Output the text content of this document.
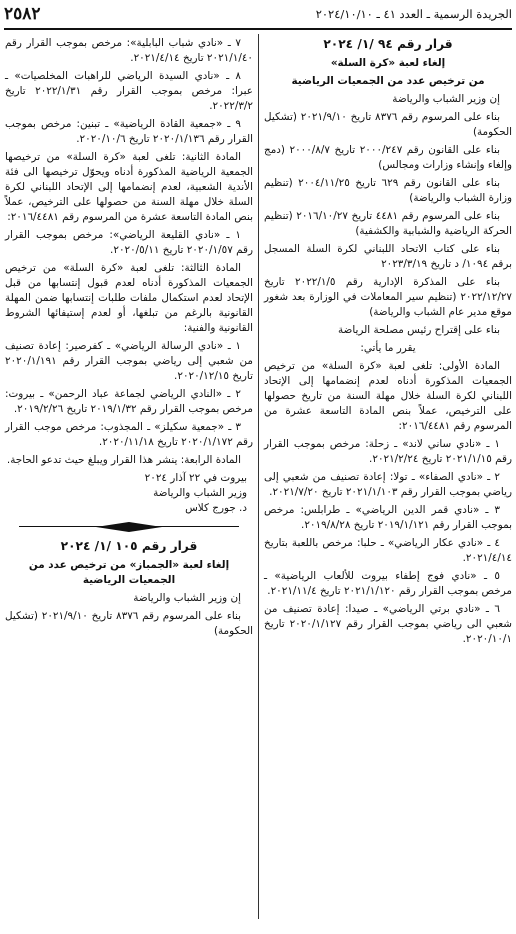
٢٥٨٢	الجريدة الرسمية ـ العدد ٤١ ـ ٢٠٢٤/١٠/١٠

قرار رقم ٩٤ /١/ ٢٠٢٤

إلغاء لعبة «كرة السلة»

من ترخيص عدد من الجمعيات الرياضية

إن وزير الشباب والرياضة

بناء على المرسوم رقم ٨٣٧٦ تاريخ ٢٠٢١/٩/١٠ (تشكيل الحكومة)

بناء على القانون رقم ٢٠٠٠/٢٤٧ تاريخ ٢٠٠٠/٨/٧ (دمج وإلغاء وإنشاء وزارات ومجالس)

بناء على القانون رقم ٦٢٩ تاريخ ٢٠٠٤/١١/٢٥ (تنظيم وزارة الشباب والرياضة)

بناء على المرسوم رقم ٤٤٨١ تاريخ ٢٠١٦/١٠/٢٧ (تنظيم الحركة الرياضية والشبابية والكشفية)

بناء على كتاب الاتحاد اللبناني لكرة السلة المسجل برقم ١٠٩٤/ د تاريخ ٢٠٢٣/٣/١٩

بناء على المذكرة الإدارية رقم ٢٠٢٢/١/٥ تاريخ ٢٠٢٢/١٢/٢٧ (تنظيم سير المعاملات في الوزارة بعد شغور موقع مدير عام الشباب والرياضة)

بناء على إقتراح رئيس مصلحة الرياضة

يقرر ما يأتي:

المادة الأولى: تلغى لعبة «كرة السلة» من ترخيص الجمعيات المذكورة أدناه لعدم إنضمامها إلى الإتحاد اللبناني لكرة السلة خلال مهلة السنة من تاريخ حصولها على الترخيص، عملاً بنص المادة التاسعة عشرة من المرسوم رقم ٢٠١٦/٤٤٨١:

١ ـ «نادي ساني لاند» ـ زحلة: مرخص بموجب القرار رقم ٢٠٢١/١/١٥ تاريخ ٢٠٢١/٢/٢٤.

٢ ـ «نادي الصفاء» ـ تولا: إعادة تصنيف من شعبي إلى رياضي بموجب القرار رقم ٢٠٢١/١/١٠٣ تاريخ ٢٠٢١/٧/٢٠.

٣ ـ «نادي قمر الدين الرياضي» ـ طرابلس: مرخص بموجب القرار رقم ٢٠١٩/١/١٢١ تاريخ ٢٠١٩/٨/٢٨.

٤ ـ «نادي عكار الرياضي» ـ حلبا: مرخص باللعبة بتاريخ ٢٠٢١/٤/١٤.

٥ ـ «نادي فوج إطفاء بيروت للألعاب الرياضية» ـ مرخص بموجب القرار رقم ٢٠٢١/١/١٢٠ تاريخ ٢٠٢١/١١/٤.

٦ ـ «نادي برتي الرياضي» ـ صيدا: إعادة تصنيف من شعبي الى رياضي بموجب القرار رقم ٢٠٢٠/١/١٢٧ تاريخ ٢٠٢٠/١٠/١.

٧ ـ «نادي شباب البابلية»: مرخص بموجب القرار رقم ٢٠٢١/١/٤٠ تاريخ ٢٠٢١/٤/١٤.

٨ ـ «نادي السيدة الرياضي للراهبات المخلصيات» ـ عبرا: مرخص بموجب القرار رقم ٢٠٢٢/١/٣١ تاريخ ٢٠٢٢/٣/٢.

٩ ـ «جمعية القادة الرياضية» ـ تبنين: مرخص بموجب القرار رقم ٢٠٢٠/١/١٣٦ تاريخ ٢٠٢٠/١٠/٦.

المادة الثانية: تلغى لعبة «كرة السلة» من ترخيصها الجمعية الرياضية المذكورة أدناه ويحوّل ترخيصها الى فئة الأندية الشعبية، لعدم إنضمامها إلى الإتحاد اللبناني لكرة السلة خلال مهلة السنة من حصولها على الترخيص، عملاً بنص المادة التاسعة عشرة من المرسوم رقم ٢٠١٦/٤٤٨١:

١ ـ «نادي القليعة الرياضي»: مرخص بموجب القرار رقم ٢٠٢٠/١/٥٧ تاريخ ٢٠٢٠/٥/١١.

المادة الثالثة: تلغى لعبة «كرة السلة» من ترخيص الجمعيات المذكورة أدناه لعدم قبول إنتسابها من قبل الإتحاد لعدم استكمال ملفات طلبات إنتسابها ضمن المهلة القانونية بالرغم من تبلغها، أو لعدم إستيفائها الشروط القانونية والفنية:

١ ـ «نادي الرسالة الرياضي» ـ كفرصير: إعادة تصنيف من شعبي إلى رياضي بموجب القرار رقم ٢٠٢٠/١/١٩١ تاريخ ٢٠٢٠/١٢/١٥.

٢ ـ «النادي الرياضي لجماعة عباد الرحمن» ـ بيروت: مرخص بموجب القرار رقم ٢٠١٩/١/٣٢ تاريخ ٢٠١٩/٢/٢٦.

٣ ـ «جمعية سكيلز» ـ المجذوب: مرخص موجب القرار رقم ٢٠٢٠/١/١٧٢ تاريخ ٢٠٢٠/١١/١٨.

المادة الرابعة: ينشر هذا القرار ويبلغ حيث تدعو الحاجة.

بيروت في ٢٢ آذار ٢٠٢٤

وزير الشباب والرياضة

د. جورج كلاس

قرار رقم ١٠٥ /١/ ٢٠٢٤

إلغاء لعبة «الجمباز» من ترخيص عدد من الجمعيات الرياضية

إن وزير الشباب والرياضة

بناء على المرسوم رقم ٨٣٧٦ تاريخ ٢٠٢١/٩/١٠ (تشكيل الحكومة)
